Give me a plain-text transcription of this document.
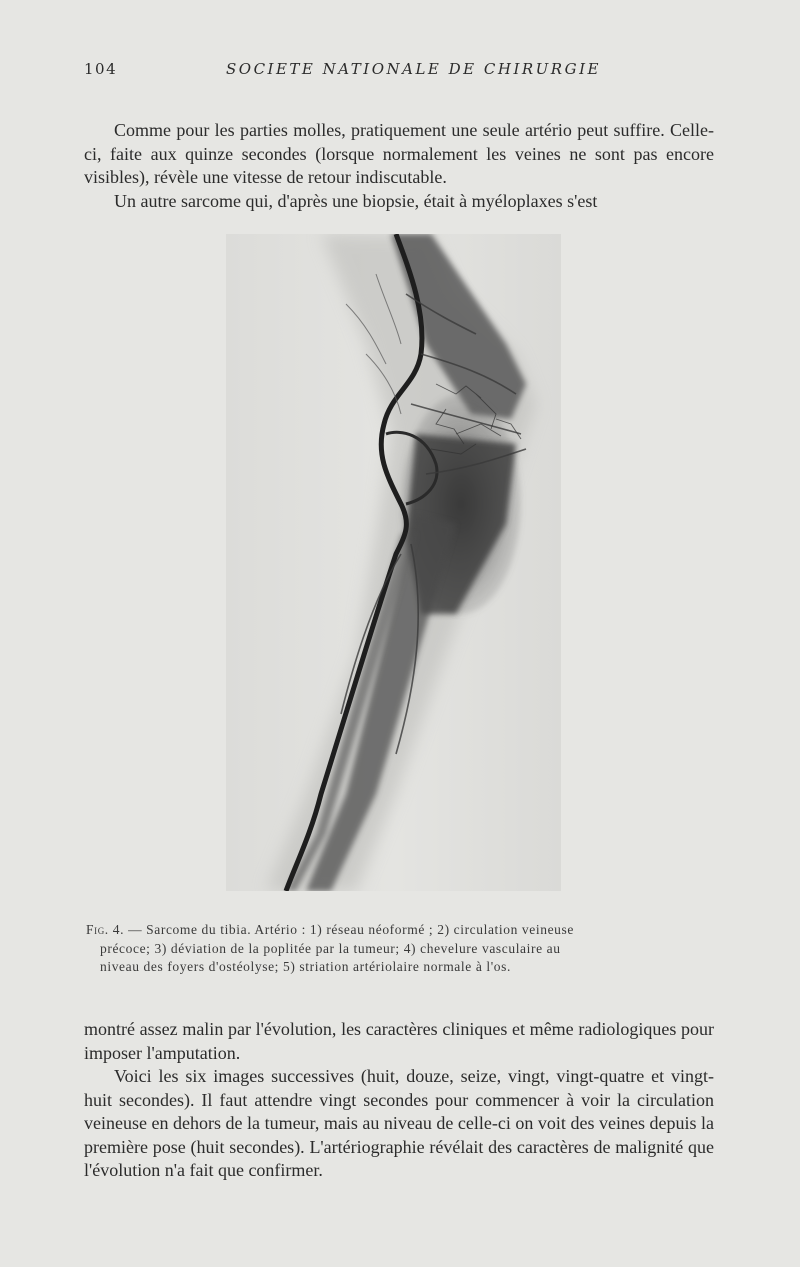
104	SOCIETE NATIONALE DE CHIRURGIE

Comme pour les parties molles, pratiquement une seule artério peut suffire. Celle-ci, faite aux quinze secondes (lorsque normalement les veines ne sont pas encore visibles), révèle une vitesse de retour indiscutable.

Un autre sarcome qui, d'après une biopsie, était à myéloplaxes s'est

Fig. 4. — Sarcome du tibia. Artério : 1) réseau néoformé ; 2) circulation veineuse
précoce; 3) déviation de la poplitée par la tumeur; 4) chevelure vasculaire au
niveau des foyers d'ostéolyse; 5) striation artériolaire normale à l'os.

montré assez malin par l'évolution, les caractères cliniques et même radiologiques pour imposer l'amputation.

Voici les six images successives (huit, douze, seize, vingt, vingt-quatre et vingt-huit secondes). Il faut attendre vingt secondes pour commencer à voir la circulation veineuse en dehors de la tumeur, mais au niveau de celle-ci on voit des veines depuis la première pose (huit secondes). L'artériographie révélait des caractères de malignité que l'évolution n'a fait que confirmer.
